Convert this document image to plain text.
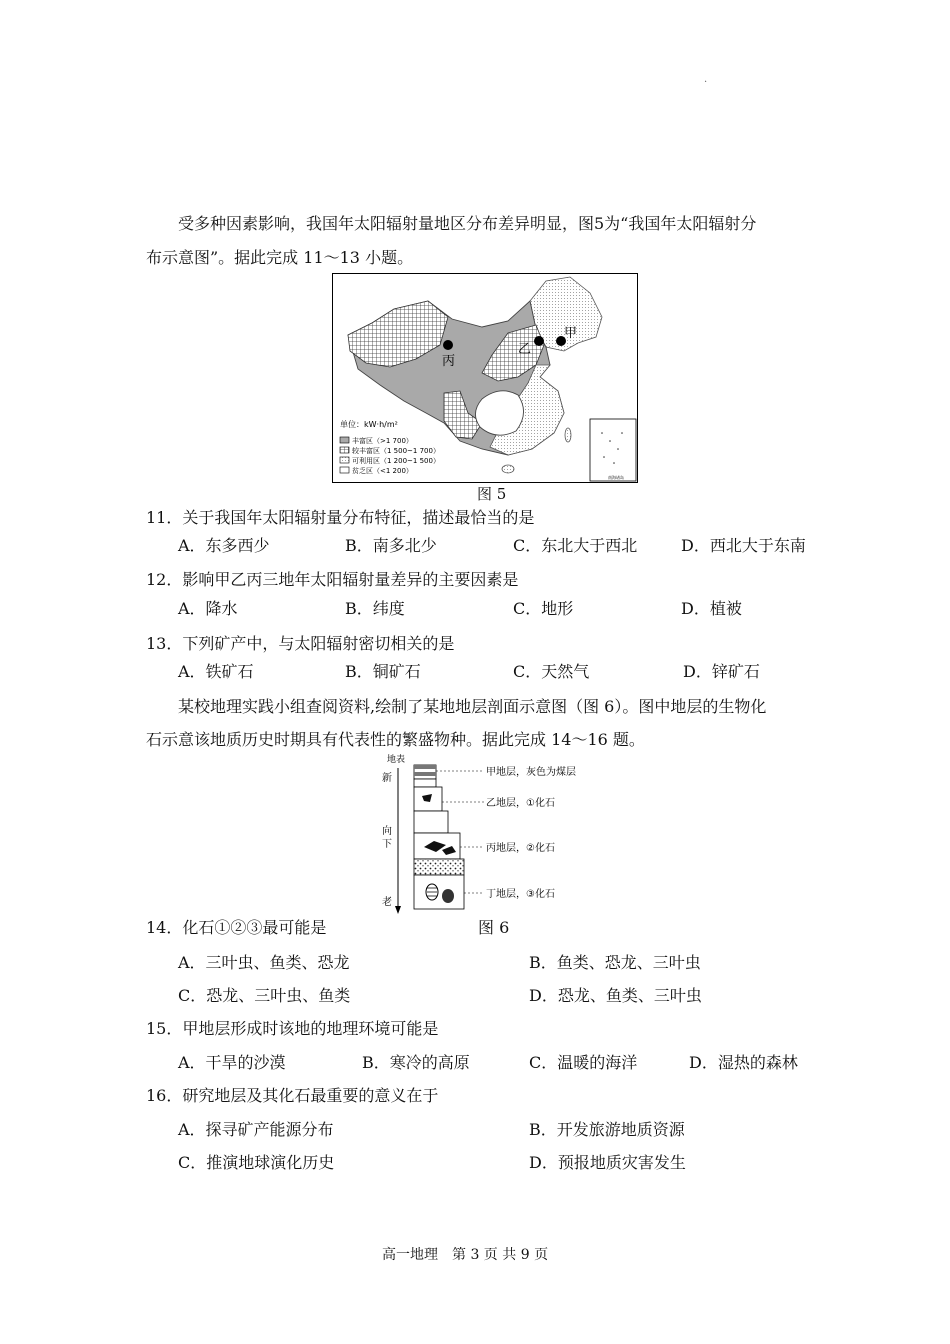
.
受多种因素影响，我国年太阳辐射量地区分布差异明显，图5为“我国年太阳辐射分
布示意图”。据此完成 11～13 小题。
丙
乙
甲
南海诸岛
单位：kW·h/m²
丰富区（>1 700）
较丰富区（1 500~1 700）
可利用区（1 200~1 500）
贫乏区（<1 200）
图 5
11．关于我国年太阳辐射量分布特征，描述最恰当的是
A．东多西少	B．南多北少	C．东北大于西北	D．西北大于东南
12．影响甲乙丙三地年太阳辐射量差异的主要因素是
A．降水	B．纬度	C．地形	D．植被
13．下列矿产中，与太阳辐射密切相关的是
A．铁矿石	B．铜矿石	C．天然气	D．锌矿石
某校地理实践小组查阅资料,绘制了某地地层剖面示意图（图 6）。图中地层的生物化
石示意该地质历史时期具有代表性的繁盛物种。据此完成 14～16 题。
地表
新
向
下
老
甲地层，灰色为煤层
乙地层，①化石
丙地层，②化石
丁地层，③化石
14．化石①②③最可能是	图 6
A．三叶虫、鱼类、恐龙	B．鱼类、恐龙、三叶虫
C．恐龙、三叶虫、鱼类	D．恐龙、鱼类、三叶虫
15．甲地层形成时该地的地理环境可能是
A．干旱的沙漠	B．寒冷的高原	C．温暖的海洋	D．湿热的森林
16．研究地层及其化石最重要的意义在于
A．探寻矿产能源分布	B．开发旅游地质资源
C．推演地球演化历史	D．预报地质灾害发生
高一地理　第 3 页 共 9 页
